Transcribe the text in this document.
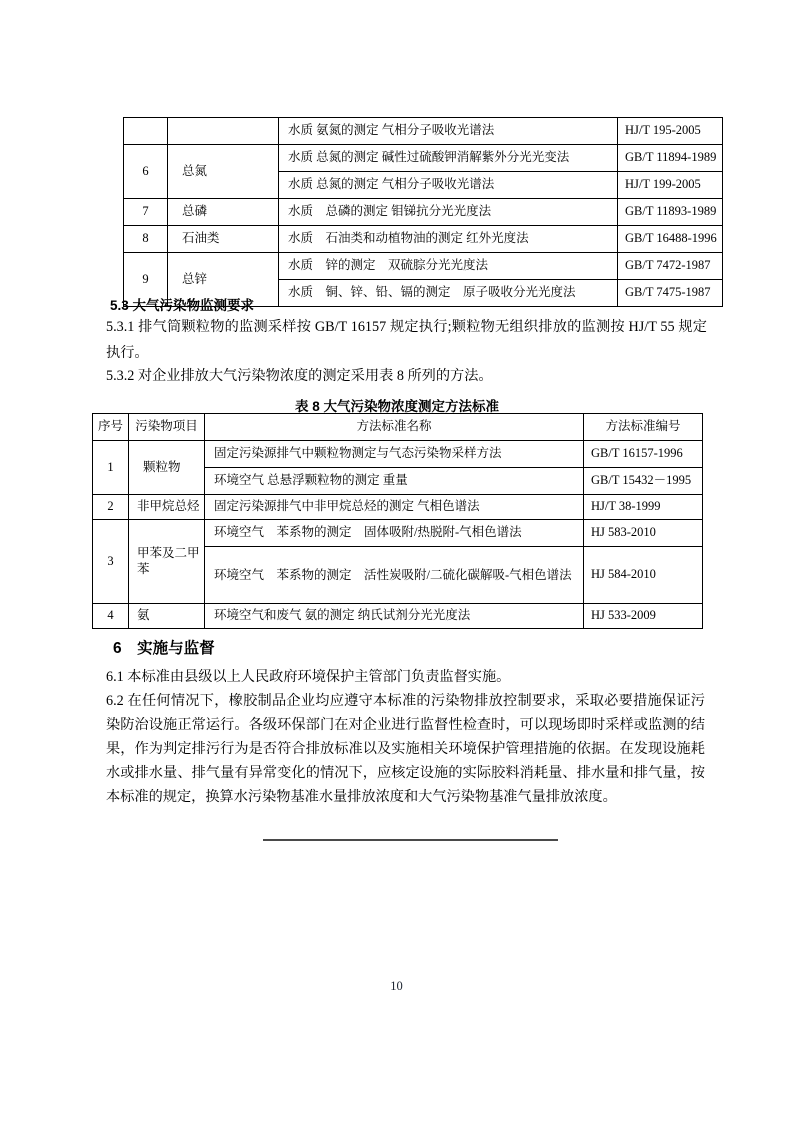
		水质 氨氮的测定 气相分子吸收光谱法	HJ/T 195-2005
6	总氮	水质 总氮的测定 碱性过硫酸钾消解紫外分光光变法	GB/T 11894-1989
		水质 总氮的测定 气相分子吸收光谱法	HJ/T 199-2005
7	总磷	水质　总磷的测定 钼锑抗分光光度法	GB/T 11893-1989
8	石油类	水质　石油类和动植物油的测定 红外光度法	GB/T 16488-1996
9	总锌	水质　锌的测定　双硫腙分光光度法	GB/T 7472-1987
		水质　铜、锌、铅、镉的测定　原子吸收分光光度法	GB/T 7475-1987
5.3 大气污染物监测要求
5.3.1 排气筒颗粒物的监测采样按 GB/T 16157 规定执行;颗粒物无组织排放的监测按 HJ/T 55 规定执行。
5.3.2 对企业排放大气污染物浓度的测定采用表 8 所列的方法。
表 8 大气污染物浓度测定方法标准
序号	污染物项目	方法标准名称	方法标准编号
1	颗粒物	固定污染源排气中颗粒物测定与气态污染物采样方法	GB/T 16157-1996
		环境空气 总悬浮颗粒物的测定 重量	GB/T 15432－1995
2	非甲烷总烃	固定污染源排气中非甲烷总烃的测定 气相色谱法	HJ/T 38-1999
3	甲苯及二甲苯	环境空气　苯系物的测定　固体吸附/热脱附-气相色谱法	HJ 583-2010
		环境空气　苯系物的测定　活性炭吸附/二硫化碳解吸-气相色谱法	HJ 584-2010
4	氨	环境空气和废气 氨的测定 纳氏试剂分光光度法	HJ 533-2009
6　实施与监督
6.1 本标准由县级以上人民政府环境保护主管部门负责监督实施。
6.2 在任何情况下，橡胶制品企业均应遵守本标准的污染物排放控制要求，采取必要措施保证污染防治设施正常运行。各级环保部门在对企业进行监督性检查时，可以现场即时采样或监测的结果，作为判定排污行为是否符合排放标准以及实施相关环境保护管理措施的依据。在发现设施耗水或排水量、排气量有异常变化的情况下，应核定设施的实际胶料消耗量、排水量和排气量，按本标准的规定，换算水污染物基准水量排放浓度和大气污染物基准气量排放浓度。
10
